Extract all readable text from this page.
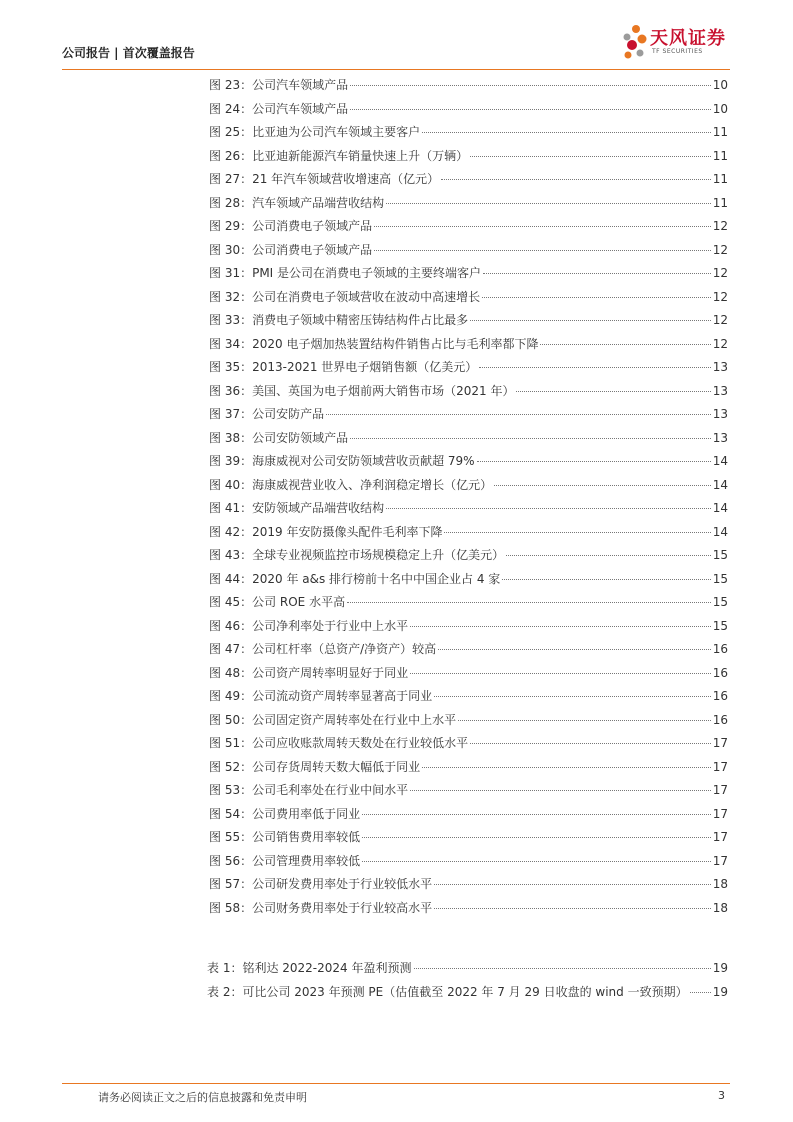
公司报告 | 首次覆盖报告
天风证券
TF SECURITIES
图 23：公司汽车领域产品	10
图 24：公司汽车领域产品	10
图 25：比亚迪为公司汽车领域主要客户	11
图 26：比亚迪新能源汽车销量快速上升（万辆）	11
图 27：21 年汽车领域营收增速高（亿元）	11
图 28：汽车领域产品端营收结构	11
图 29：公司消费电子领域产品	12
图 30：公司消费电子领域产品	12
图 31：PMI 是公司在消费电子领域的主要终端客户	12
图 32：公司在消费电子领域营收在波动中高速增长	12
图 33：消费电子领域中精密压铸结构件占比最多	12
图 34：2020 电子烟加热装置结构件销售占比与毛利率都下降	12
图 35：2013-2021 世界电子烟销售额（亿美元）	13
图 36：美国、英国为电子烟前两大销售市场（2021 年）	13
图 37：公司安防产品	13
图 38：公司安防领域产品	13
图 39：海康威视对公司安防领域营收贡献超 79%	14
图 40：海康威视营业收入、净利润稳定增长（亿元）	14
图 41：安防领域产品端营收结构	14
图 42：2019 年安防摄像头配件毛利率下降	14
图 43：全球专业视频监控市场规模稳定上升（亿美元）	15
图 44：2020 年 a&s 排行榜前十名中中国企业占 4 家	15
图 45：公司 ROE 水平高	15
图 46：公司净利率处于行业中上水平	15
图 47：公司杠杆率（总资产/净资产）较高	16
图 48：公司资产周转率明显好于同业	16
图 49：公司流动资产周转率显著高于同业	16
图 50：公司固定资产周转率处在行业中上水平	16
图 51：公司应收账款周转天数处在行业较低水平	17
图 52：公司存货周转天数大幅低于同业	17
图 53：公司毛利率处在行业中间水平	17
图 54：公司费用率低于同业	17
图 55：公司销售费用率较低	17
图 56：公司管理费用率较低	17
图 57：公司研发费用率处于行业较低水平	18
图 58：公司财务费用率处于行业较高水平	18
表 1：铭利达 2022-2024 年盈利预测	19
表 2：可比公司 2023 年预测 PE（估值截至 2022 年 7 月 29 日收盘的 wind 一致预期） 19
请务必阅读正文之后的信息披露和免责申明	3
